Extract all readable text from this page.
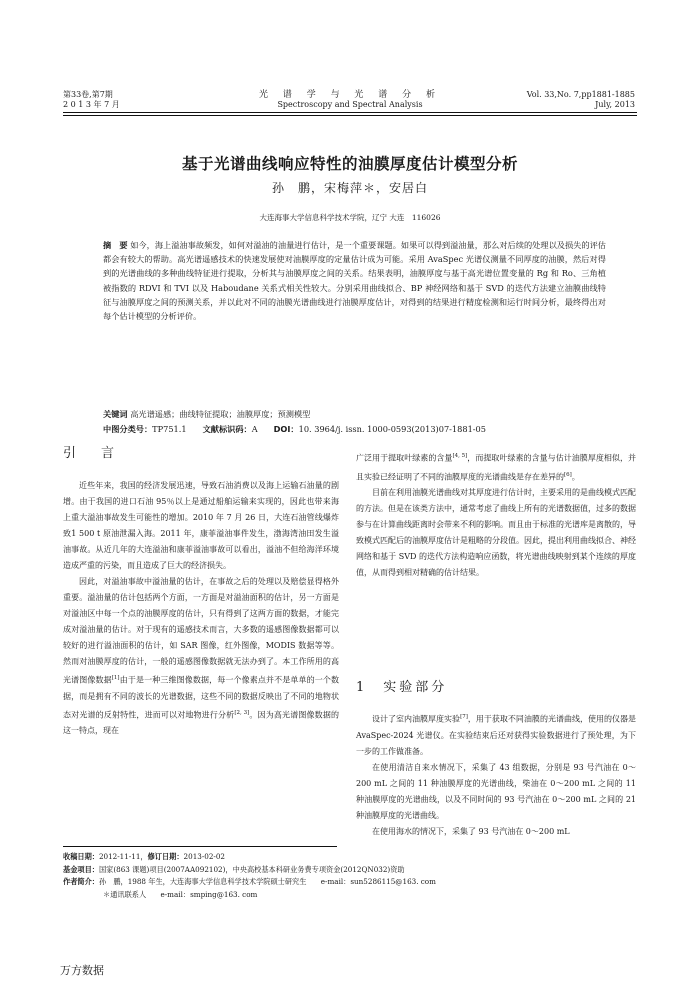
第33卷,第7期
2 0 1 3 年 7 月
光 谱 学 与 光 谱 分 析
Spectroscopy and Spectral Analysis
Vol. 33,No. 7,pp1881-1885
July, 2013
基于光谱曲线响应特性的油膜厚度估计模型分析
孙　鹏，宋梅萍＊，安居白
大连海事大学信息科学技术学院，辽宁 大连　116026
摘　要 如今，海上溢油事故频发，如何对溢油的油量进行估计，是一个重要课题。如果可以得到溢油量，那么对后续的处理以及损失的评估都会有较大的帮助。高光谱遥感技术的快速发展使对油膜厚度的定量估计成为可能。采用 AvaSpec 光谱仪测量不同厚度的油膜，然后对得到的光谱曲线的多种曲线特征进行提取，分析其与油膜厚度之间的关系。结果表明，油膜厚度与基于高光谱位置变量的 Rg 和 Ro、三角植被指数的 RDVI 和 TVI 以及 Haboudane 关系式相关性较大。分别采用曲线拟合、BP 神经网络和基于 SVD 的迭代方法建立油膜曲线特征与油膜厚度之间的预测关系，并以此对不同的油膜光谱曲线进行油膜厚度估计，对得到的结果进行精度检测和运行时间分析，最终得出对每个估计模型的分析评价。
关键词 高光谱遥感；曲线特征提取；油膜厚度；预测模型
中图分类号：TP751.1 文献标识码：A DOI：10. 3964/j. issn. 1000-0593(2013)07-1881-05
引　言

近些年来，我国的经济发展迅速，导致石油消费以及海上运输石油量的剧增。由于我国的进口石油 95％以上是通过船舶运输来实现的，因此也带来海上重大溢油事故发生可能性的增加。2010 年 7 月 26 日，大连石油管线爆炸致1 500 t 原油泄漏入海。2011 年，康菲溢油事件发生，渤海湾油田发生溢油事故。从近几年的大连溢油和康菲溢油事故可以看出，溢油不但给海洋环境造成严重的污染，而且造成了巨大的经济损失。

因此，对溢油事故中溢油量的估计，在事故之后的处理以及赔偿显得格外重要。溢油量的估计包括两个方面，一方面是对溢油面积的估计，另一方面是对溢油区中每一个点的油膜厚度的估计，只有得到了这两方面的数据，才能完成对溢油量的估计。对于现有的遥感技术而言，大多数的遥感图像数据都可以较好的进行溢油面积的估计，如 SAR 图像，红外图像，MODIS 数据等等。然而对油膜厚度的估计，一般的遥感图像数据就无法办到了。本工作所用的高光谱图像数据[1]由于是一种三维图像数据，每一个像素点并不是单单的一个数据，而是拥有不同的波长的光谱数据，这些不同的数据反映出了不同的地物状态对光谱的反射特性，进而可以对地物进行分析[2, 3]。因为高光谱图像数据的这一特点，现在

广泛用于提取叶绿素的含量[4, 5]，而提取叶绿素的含量与估计油膜厚度相似，并且实验已经证明了不同的油膜厚度的光谱曲线是存在差异的[6]。

目前在利用油膜光谱曲线对其厚度进行估计时，主要采用的是曲线模式匹配的方法。但是在该类方法中，通常考虑了曲线上所有的光谱数据值，过多的数据参与在计算曲线距离时会带来不利的影响。而且由于标准的光谱库是离散的，导致模式匹配后的油膜厚度估计是粗略的分段值。因此，提出利用曲线拟合、神经网络和基于 SVD 的迭代方法构造响应函数，将光谱曲线映射到某个连续的厚度值，从而得到相对精确的估计结果。

1　实验部分

设计了室内油膜厚度实验[7]，用于获取不同油膜的光谱曲线，使用的仪器是 AvaSpec-2024 光谱仪。在实验结束后还对获得实验数据进行了预处理，为下一步的工作做准备。

在使用清洁自来水情况下，采集了 43 组数据，分别是 93 号汽油在 0～200 mL 之间的 11 种油膜厚度的光谱曲线，柴油在 0～200 mL 之间的 11 种油膜厚度的光谱曲线，以及不同时间的 93 号汽油在 0～200 mL 之间的 21 种油膜厚度的光谱曲线。

在使用海水的情况下，采集了 93 号汽油在 0～200 mL

收稿日期：2012-11-11，修订日期：2013-02-02
基金项目：国家(863 课题)项目(2007AA092102)，中央高校基本科研业务费专项资金(2012QN032)资助
作者简介：孙　鹏，1988 年生，大连海事大学信息科学技术学院硕士研究生　　e-mail：sun5286115@163. com
＊通讯联系人　　e-mail：smping@163. com
万方数据
